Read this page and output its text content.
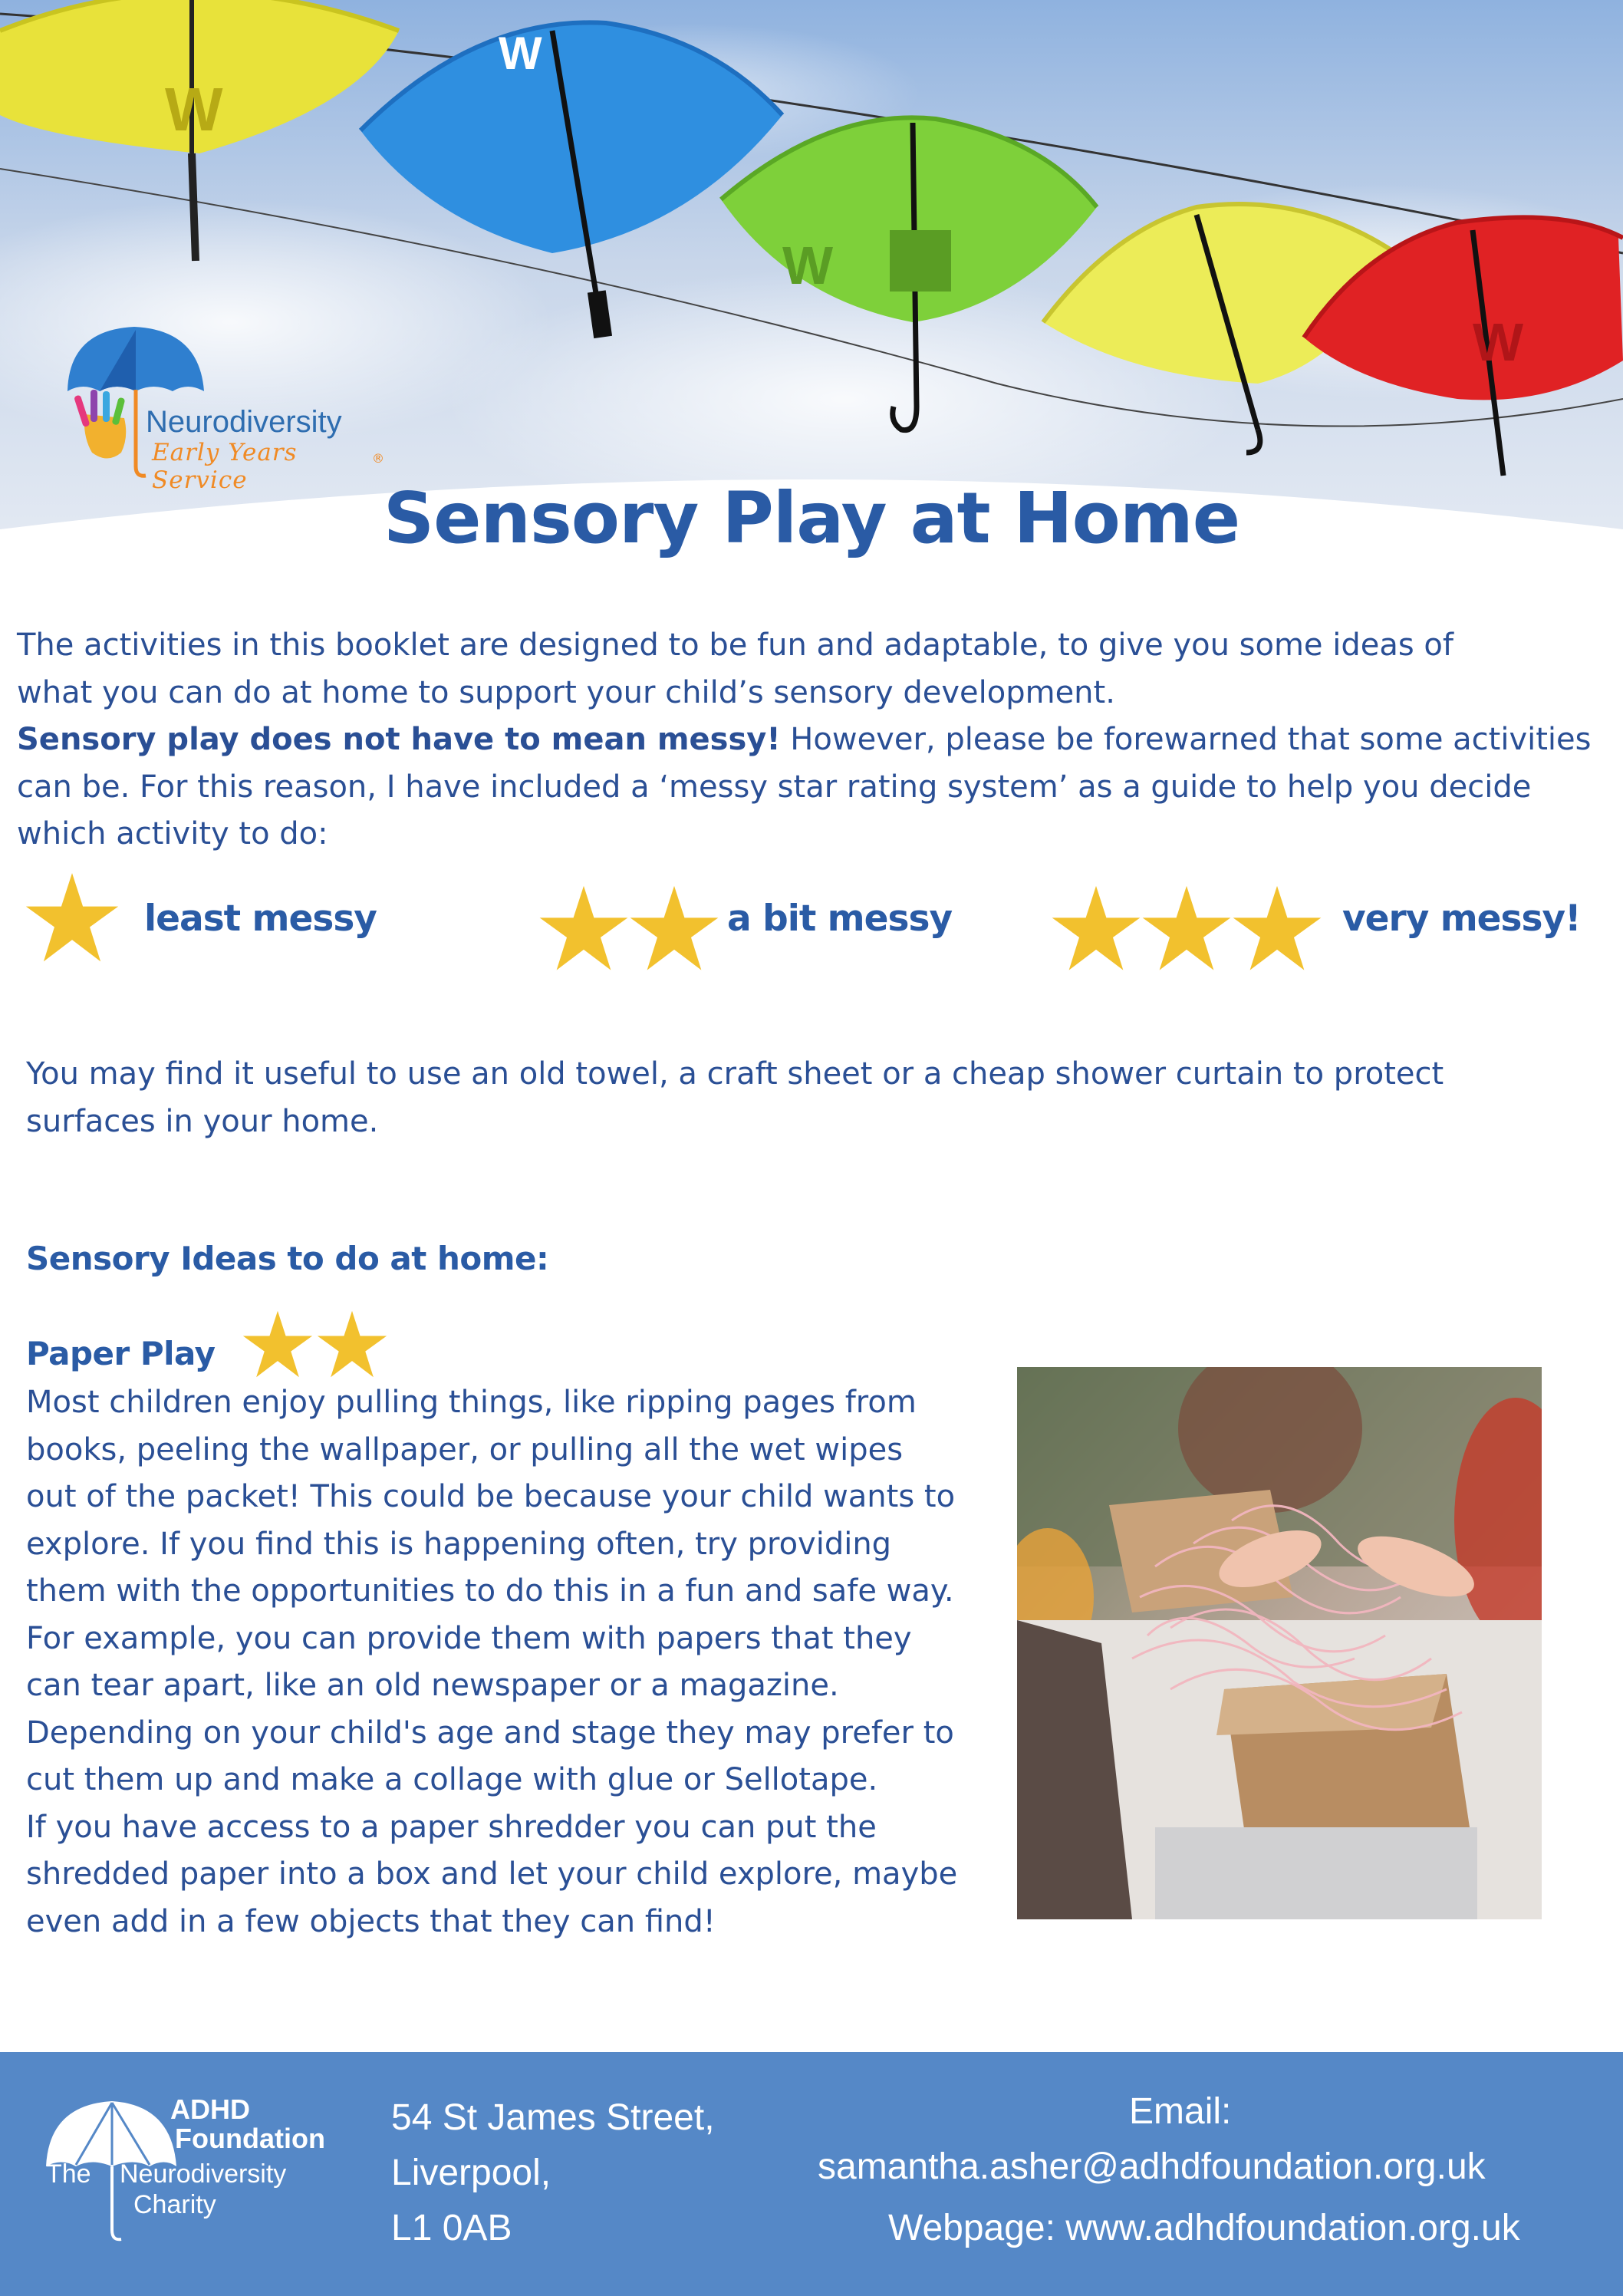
W
W
W
W
Neurodiversity
Early Years Service
®
Sensory Play at Home
The activities in this booklet are designed to be fun and adaptable, to give you some ideas of
what you can do at home to support your child’s sensory development.
Sensory play does not have to mean messy! However, please be forewarned that some activities
can be. For this reason, I have included a ‘messy star rating system’ as a guide to help you decide
which activity to do:
least messy	a bit messy	very messy!
You may find it useful to use an old towel, a craft sheet or a cheap shower curtain to protect
surfaces in your home.
Sensory Ideas to do at home:
Paper Play

Most children enjoy pulling things, like ripping pages from
books, peeling the wallpaper, or pulling all the wet wipes
out of the packet! This could be because your child wants to
explore. If you find this is happening often, try providing
them with the opportunities to do this in a fun and safe way.
For example, you can provide them with papers that they
can tear apart, like an old newspaper or a magazine.
Depending on your child's age and stage they may prefer to
cut them up and make a collage with glue or Sellotape.
If you have access to a paper shredder you can put the
shredded paper into a box and let your child explore, maybe
even add in a few objects that they can find!
ADHD
Foundation
The Neurodiversity
Charity
54 St James Street,
Liverpool,
L1 0AB
Email:
samantha.asher@adhdfoundation.org.uk
Webpage: www.adhdfoundation.org.uk
